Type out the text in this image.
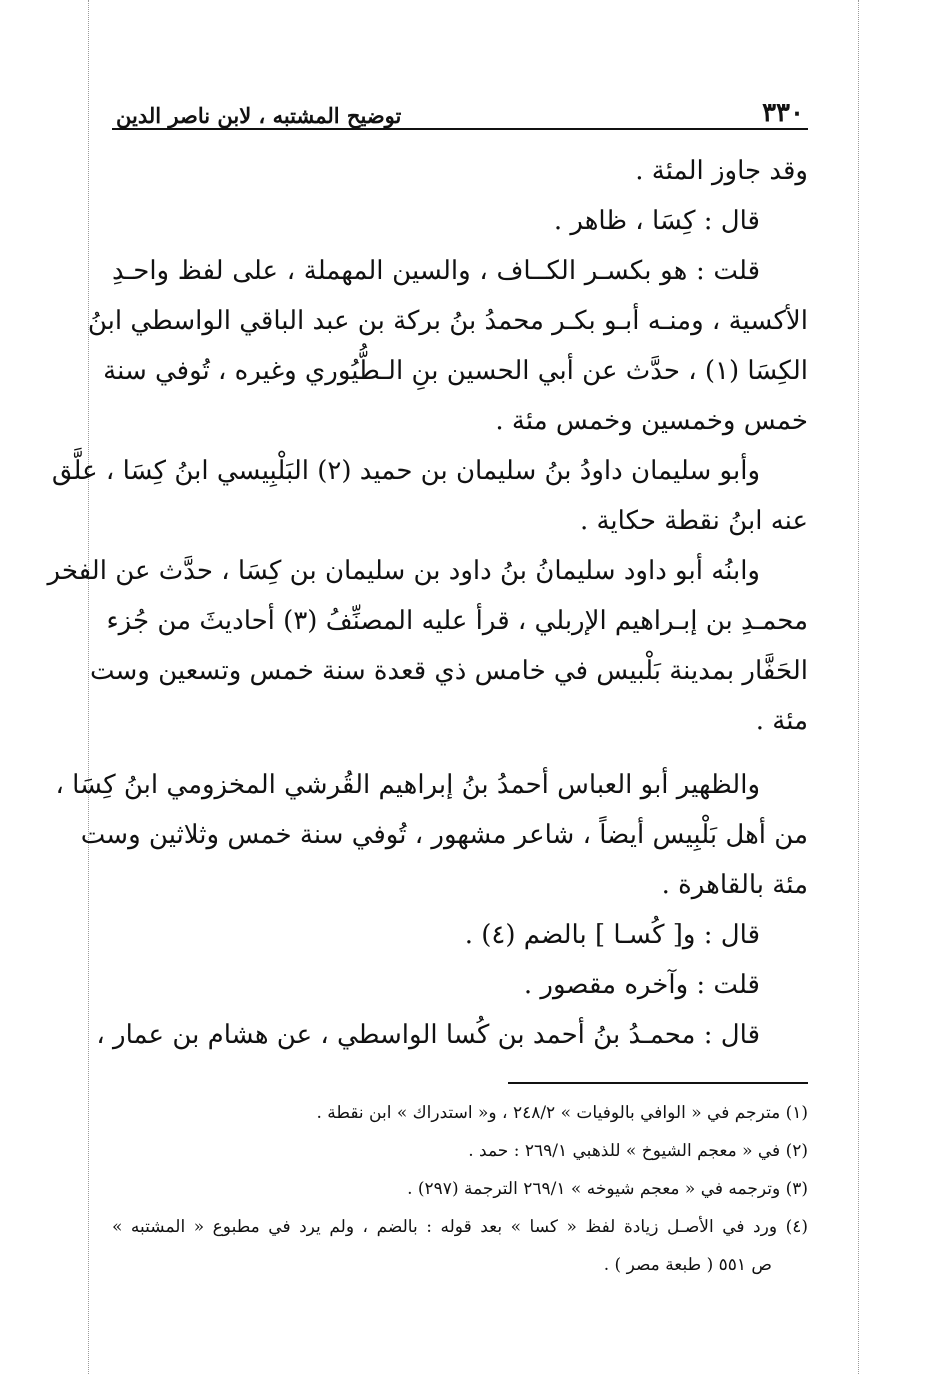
٣٣٠
توضيح المشتبه ، لابن ناصر الدين
وقد جاوز المئة .
قال : كِسَا ، ظاهر .
قلت : هو بكسـر الكــاف ، والسين المهملة ، على لفظ واحـدِ
الأكسية ، ومنـه أبـو بكـر محمدُ بنُ بركة بن عبد الباقي الواسطي ابنُ
الكِسَا (١) ، حدَّث عن أبي الحسين بنِ الـطُّيُوري وغيره ، تُوفي سنة
خمس وخمسين وخمس مئة .
وأبو سليمان داودُ بنُ سليمان بن حميد (٢) البَلْبِيسي ابنُ كِسَا ، علَّق
عنه ابنُ نقطة حكاية .
وابنُه أبو داود سليمانُ بنُ داود بن سليمان بن كِسَا ، حدَّث عن الفخر
محمـدِ بن إبـراهيم الإربلي ، قرأ عليه المصنِّفُ (٣) أحاديثَ من جُزء
الحَفَّار بمدينة بَلْبيس في خامس ذي قعدة سنة خمس وتسعين وست
مئة .
والظهير أبو العباس أحمدُ بنُ إبراهيم القُرشي المخزومي ابنُ كِسَا ،
من أهل بَلْبِيس أيضاً ، شاعر مشهور ، تُوفي سنة خمس وثلاثين وست
مئة بالقاهرة .
قال : و[ كُسـا ] بالضم (٤) .
قلت : وآخره مقصور .
قال : محمـدُ بنُ أحمد بن كُسا الواسطي ، عن هشام بن عمار ،
(١) مترجم في « الوافي بالوفيات » ٢٤٨/٢ ، و« استدراك » ابن نقطة .
(٢) في « معجم الشيوخ » للذهبي ٢٦٩/١ : حمد .
(٣) وترجمه في « معجم شيوخه » ٢٦٩/١ الترجمة (٢٩٧) .
(٤) ورد في الأصـل زيادة لفظ « كسا » بعد قوله : بالضم ، ولم يرد في مطبوع « المشتبه »
ص ٥٥١ ( طبعة مصر ) .
